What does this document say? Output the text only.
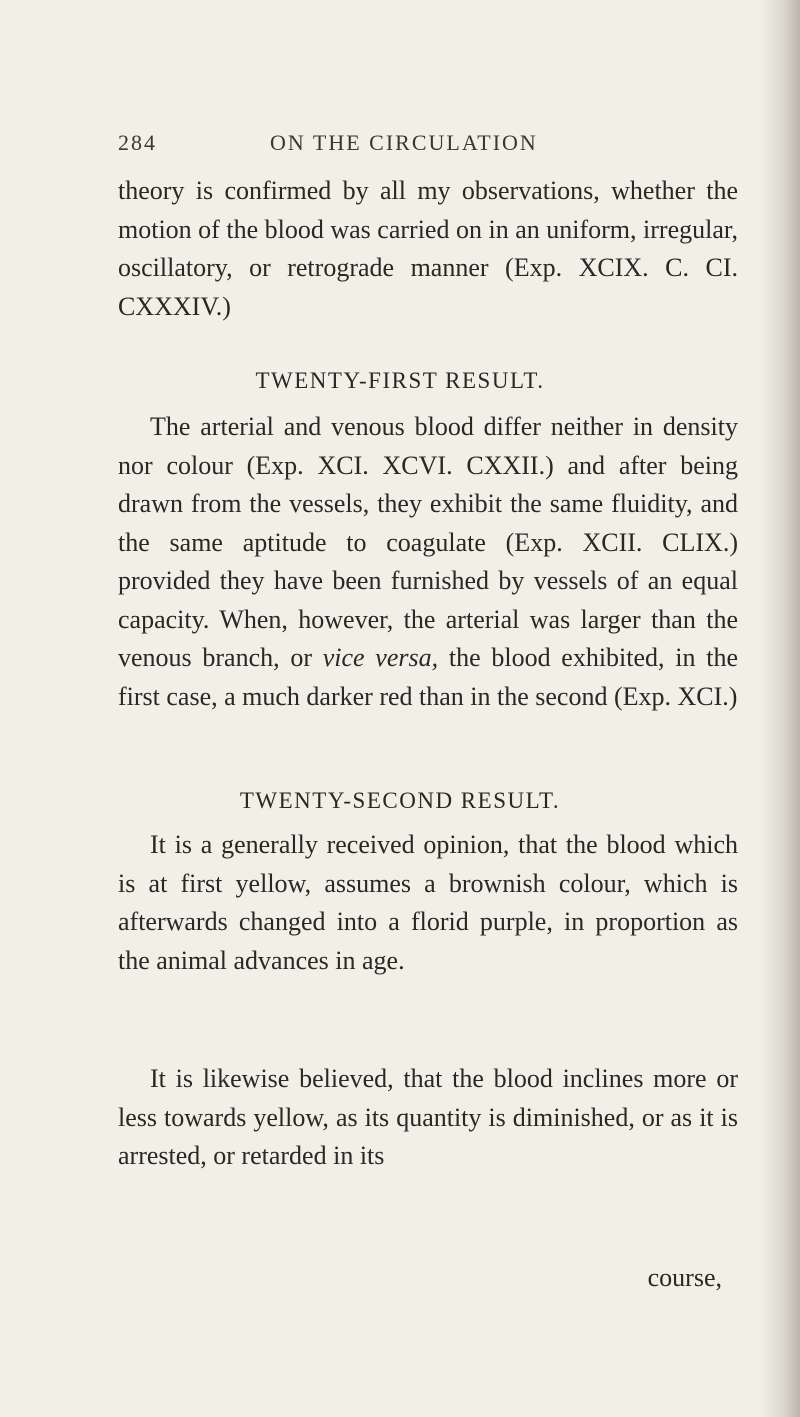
284	ON THE CIRCULATION
theory is confirmed by all my observations, whether the motion of the blood was carried on in an uniform, irregular, oscillatory, or retrograde manner (Exp. XCIX. C. CI. CXXXIV.)
TWENTY-FIRST RESULT.
The arterial and venous blood differ neither in density nor colour (Exp. XCI. XCVI. CXXII.) and after being drawn from the vessels, they exhibit the same fluidity, and the same aptitude to coagulate (Exp. XCII. CLIX.) provided they have been furnished by vessels of an equal capacity. When, however, the arterial was larger than the venous branch, or vice versa, the blood exhibited, in the first case, a much darker red than in the second (Exp. XCI.)
TWENTY-SECOND RESULT.
It is a generally received opinion, that the blood which is at first yellow, assumes a brownish colour, which is afterwards changed into a florid purple, in proportion as the animal advances in age.
It is likewise believed, that the blood inclines more or less towards yellow, as its quantity is diminished, or as it is arrested, or retarded in its
course,
